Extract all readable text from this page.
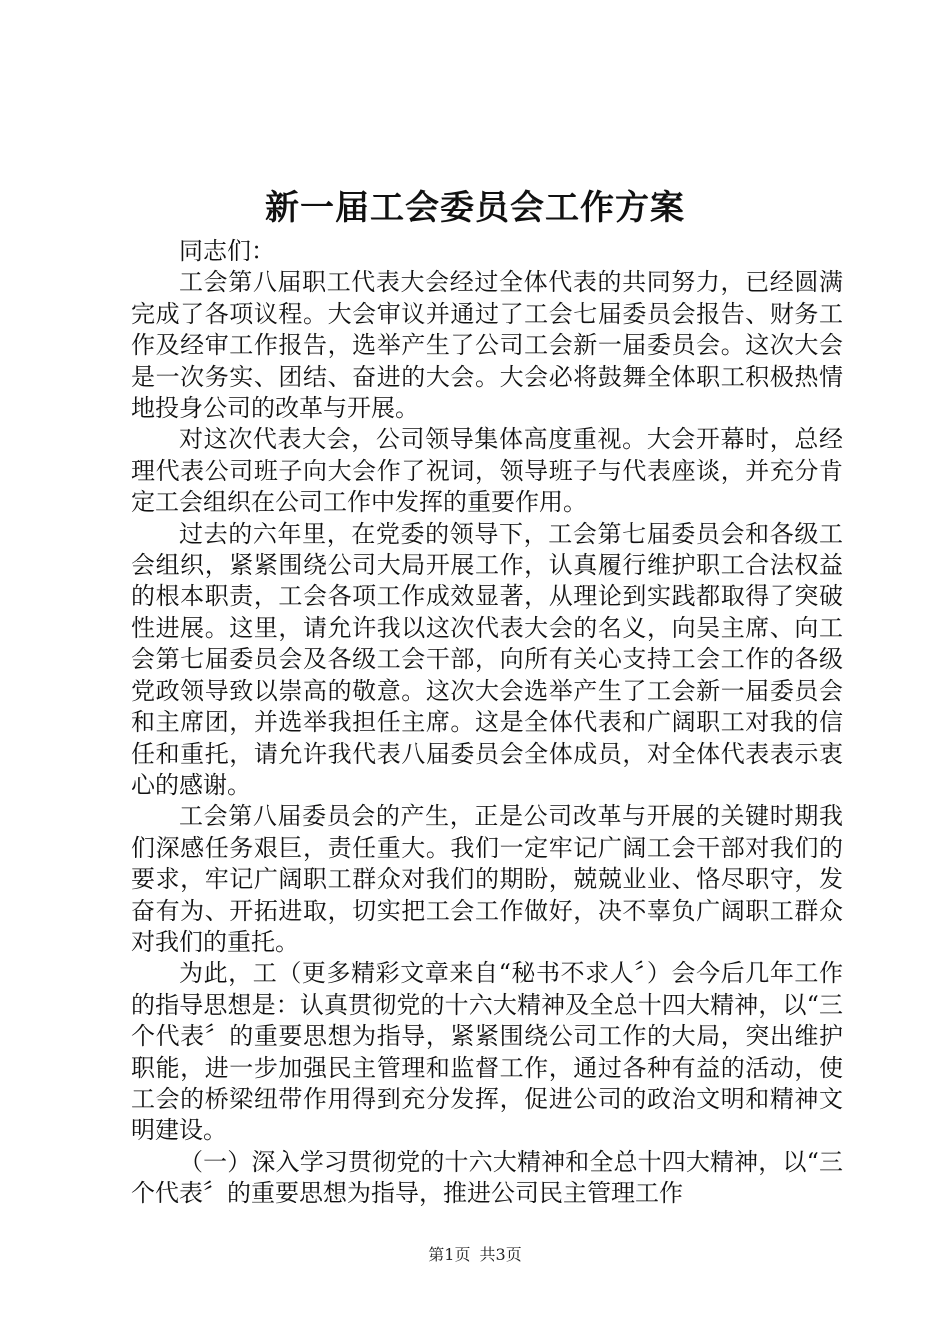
新一届工会委员会工作方案

同志们：

工会第八届职工代表大会经过全体代表的共同努力，已经圆满完成了各项议程。大会审议并通过了工会七届委员会报告、财务工作及经审工作报告，选举产生了公司工会新一届委员会。这次大会是一次务实、团结、奋进的大会。大会必将鼓舞全体职工积极热情地投身公司的改革与开展。

对这次代表大会，公司领导集体高度重视。大会开幕时，总经理代表公司班子向大会作了祝词，领导班子与代表座谈，并充分肯定工会组织在公司工作中发挥的重要作用。

过去的六年里，在党委的领导下，工会第七届委员会和各级工会组织，紧紧围绕公司大局开展工作，认真履行维护职工合法权益的根本职责，工会各项工作成效显著，从理论到实践都取得了突破性进展。这里，请允许我以这次代表大会的名义，向吴主席、向工会第七届委员会及各级工会干部，向所有关心支持工会工作的各级党政领导致以崇高的敬意。这次大会选举产生了工会新一届委员会和主席团，并选举我担任主席。这是全体代表和广阔职工对我的信任和重托，请允许我代表八届委员会全体成员，对全体代表表示衷心的感谢。

工会第八届委员会的产生，正是公司改革与开展的关键时期我们深感任务艰巨，责任重大。我们一定牢记广阔工会干部对我们的要求，牢记广阔职工群众对我们的期盼，兢兢业业、恪尽职守，发奋有为、开拓进取，切实把工会工作做好，决不辜负广阔职工群众对我们的重托。

为此，工（更多精彩文章来自“秘书不求人〞）会今后几年工作的指导思想是：认真贯彻党的十六大精神及全总十四大精神，以“三个代表〞的重要思想为指导，紧紧围绕公司工作的大局，突出维护职能，进一步加强民主管理和监督工作，通过各种有益的活动，使工会的桥梁纽带作用得到充分发挥，促进公司的政治文明和精神文明建设。

（一）深入学习贯彻党的十六大精神和全总十四大精神，以“三个代表〞的重要思想为指导，推进公司民主管理工作

第1页 共3页
